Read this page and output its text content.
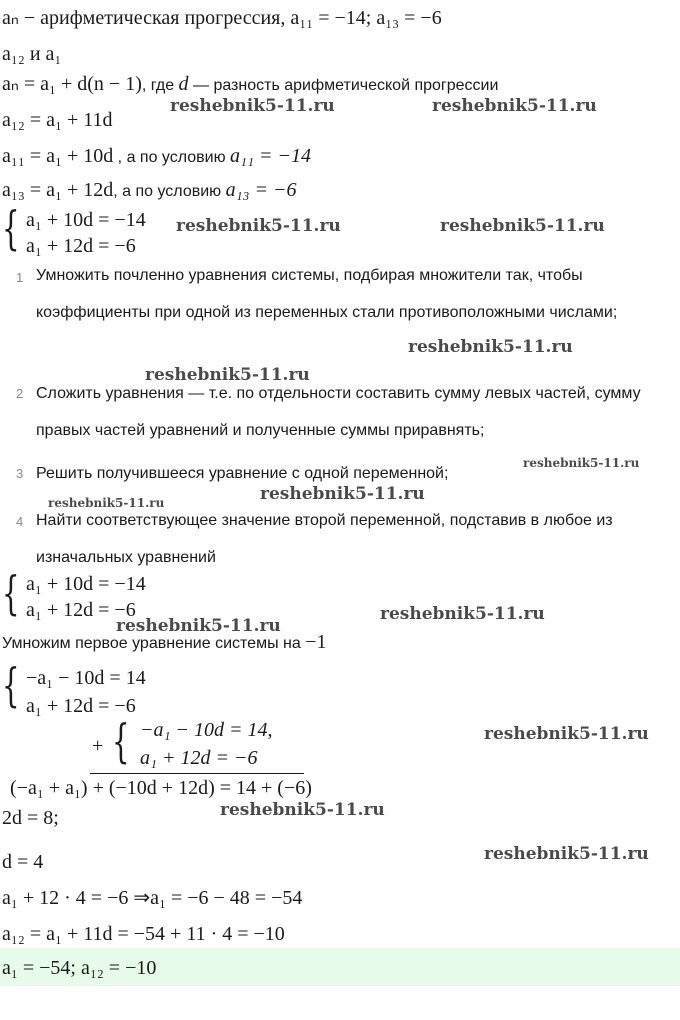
aₙ − арифметическая прогрессия, a₁₁ = −14; a₁₃ = −6
a₁₂ и a₁
aₙ = a₁ + d(n − 1), где d — разность арифметической прогрессии
a₁₂ = a₁ + 11d
a₁₁ = a₁ + 10d , а по условию a₁₁ = −14
a₁₃ = a₁ + 12d, а по условию a₁₃ = −6
{ a₁ + 10d = −14
a₁ + 12d = −6
1 Умножить почленно уравнения системы, подбирая множители так, чтобы коэффициенты при одной из переменных стали противоположными числами;
2 Сложить уравнения — т.е. по отдельности составить сумму левых частей, сумму правых частей уравнений и полученные суммы приравнять;
3 Решить получившееся уравнение с одной переменной;
4 Найти соответствующее значение второй переменной, подставив в любое из изначальных уравнений
{ a₁ + 10d = −14
a₁ + 12d = −6
Умножим первое уравнение системы на −1
{ −a₁ − 10d = 14
a₁ + 12d = −6
+ { −a₁ − 10d = 14,
a₁ + 12d = −6
(−a₁ + a₁) + (−10d + 12d) = 14 + (−6)
2d = 8;
d = 4
a₁ + 12 · 4 = −6 ⇒a₁ = −6 − 48 = −54
a₁₂ = a₁ + 11d = −54 + 11 · 4 = −10
a₁ = −54; a₁₂ = −10
reshebnik5-11.ru	reshebnik5-11.ru
reshebnik5-11.ru	reshebnik5-11.ru
reshebnik5-11.ru
reshebnik5-11.ru
reshebnik5-11.ru
reshebnik5-11.ru	reshebnik5-11.ru
reshebnik5-11.ru
reshebnik5-11.ru
reshebnik5-11.ru
reshebnik5-11.ru
reshebnik5-11.ru
